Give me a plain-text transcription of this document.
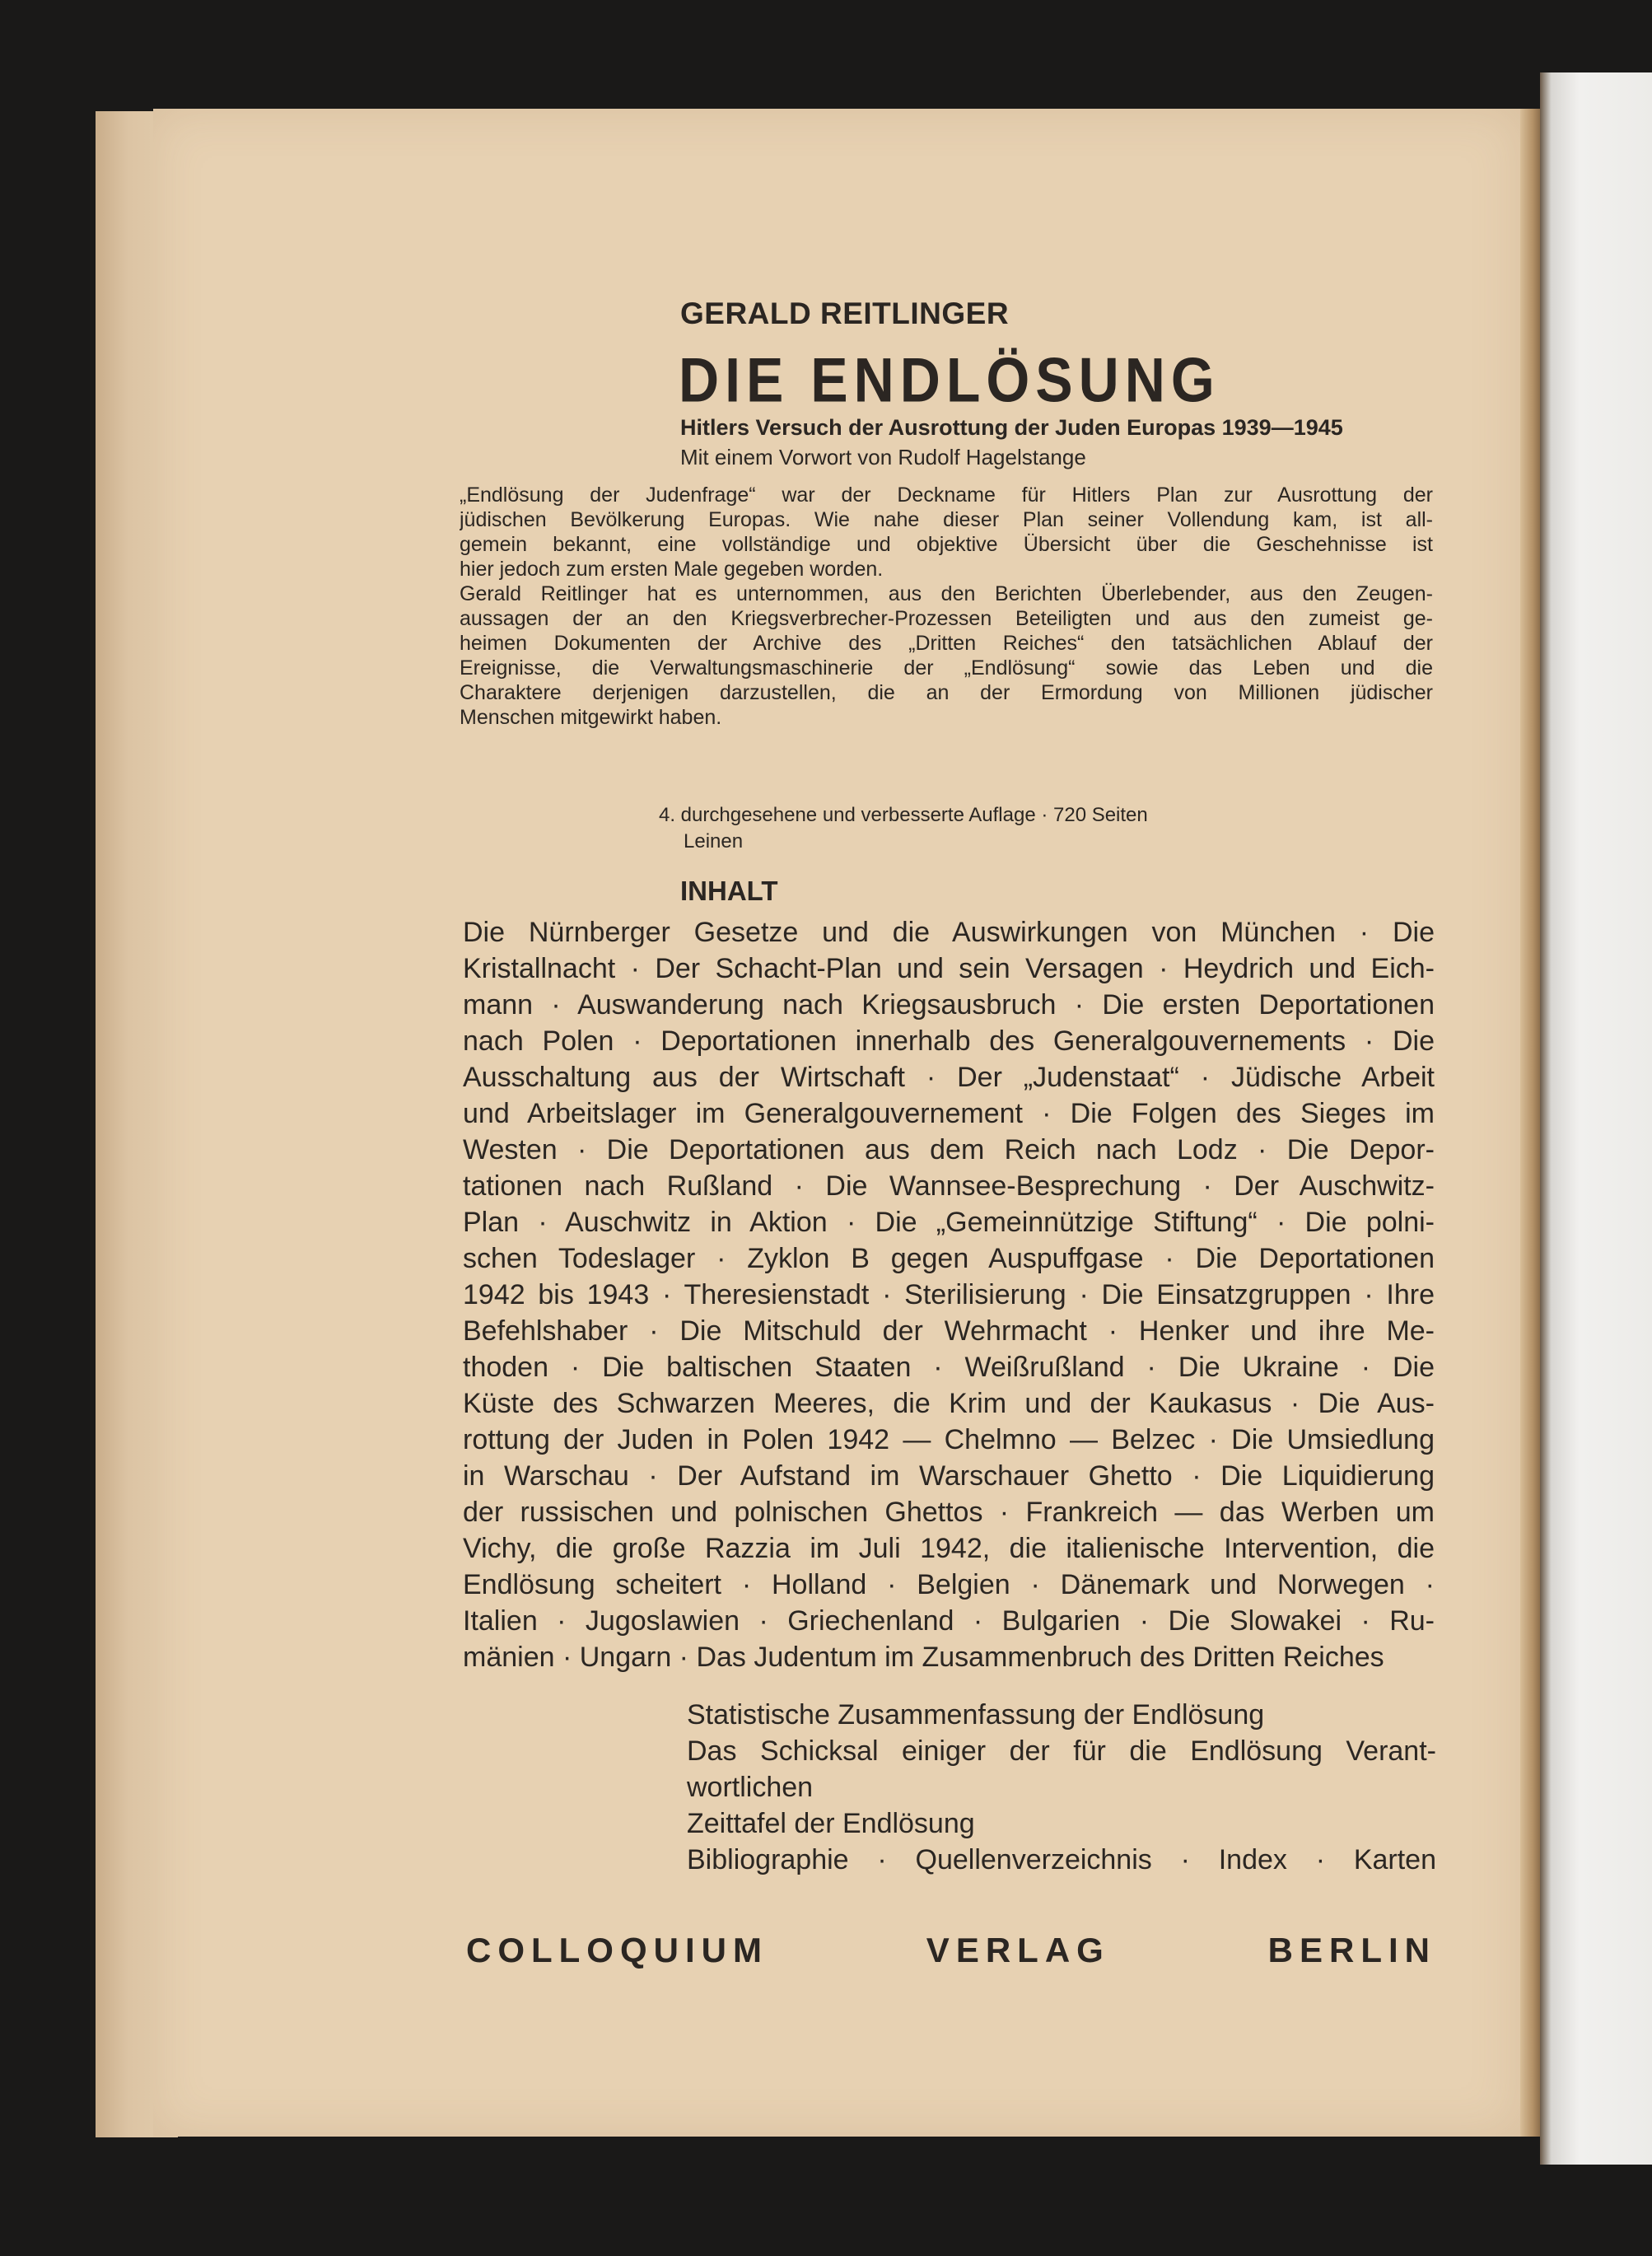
GERALD REITLINGER
DIE ENDLÖSUNG
Hitlers Versuch der Ausrottung der Juden Europas 1939—1945
Mit einem Vorwort von Rudolf Hagelstange
„Endlösung der Judenfrage“ war der Deckname für Hitlers Plan zur Ausrottung der
jüdischen Bevölkerung Europas. Wie nahe dieser Plan seiner Vollendung kam, ist all-
gemein bekannt, eine vollständige und objektive Übersicht über die Geschehnisse ist
hier jedoch zum ersten Male gegeben worden.
Gerald Reitlinger hat es unternommen, aus den Berichten Überlebender, aus den Zeugen-
aussagen der an den Kriegsverbrecher-Prozessen Beteiligten und aus den zumeist ge-
heimen Dokumenten der Archive des „Dritten Reiches“ den tatsächlichen Ablauf der
Ereignisse, die Verwaltungsmaschinerie der „Endlösung“ sowie das Leben und die
Charaktere derjenigen darzustellen, die an der Ermordung von Millionen jüdischer
Menschen mitgewirkt haben.
4. durchgesehene und verbesserte Auflage · 720 Seiten
Leinen
INHALT
Die Nürnberger Gesetze und die Auswirkungen von München · Die
Kristallnacht · Der Schacht-Plan und sein Versagen · Heydrich und Eich-
mann · Auswanderung nach Kriegsausbruch · Die ersten Deportationen
nach Polen · Deportationen innerhalb des Generalgouvernements · Die
Ausschaltung aus der Wirtschaft · Der „Judenstaat“ · Jüdische Arbeit
und Arbeitslager im Generalgouvernement · Die Folgen des Sieges im
Westen · Die Deportationen aus dem Reich nach Lodz · Die Depor-
tationen nach Rußland · Die Wannsee-Besprechung · Der Auschwitz-
Plan · Auschwitz in Aktion · Die „Gemeinnützige Stiftung“ · Die polni-
schen Todeslager · Zyklon B gegen Auspuffgase · Die Deportationen
1942 bis 1943 · Theresienstadt · Sterilisierung · Die Einsatzgruppen · Ihre
Befehlshaber · Die Mitschuld der Wehrmacht · Henker und ihre Me-
thoden · Die baltischen Staaten · Weißrußland · Die Ukraine · Die
Küste des Schwarzen Meeres, die Krim und der Kaukasus · Die Aus-
rottung der Juden in Polen 1942 — Chelmno — Belzec · Die Umsiedlung
in Warschau · Der Aufstand im Warschauer Ghetto · Die Liquidierung
der russischen und polnischen Ghettos · Frankreich — das Werben um
Vichy, die große Razzia im Juli 1942, die italienische Intervention, die
Endlösung scheitert · Holland · Belgien · Dänemark und Norwegen ·
Italien · Jugoslawien · Griechenland · Bulgarien · Die Slowakei · Ru-
mänien · Ungarn · Das Judentum im Zusammenbruch des Dritten Reiches
Statistische Zusammenfassung der Endlösung
Das Schicksal einiger der für die Endlösung Verant-
wortlichen
Zeittafel der Endlösung
Bibliographie · Quellenverzeichnis · Index · Karten
COLLOQUIUM VERLAG BERLIN
